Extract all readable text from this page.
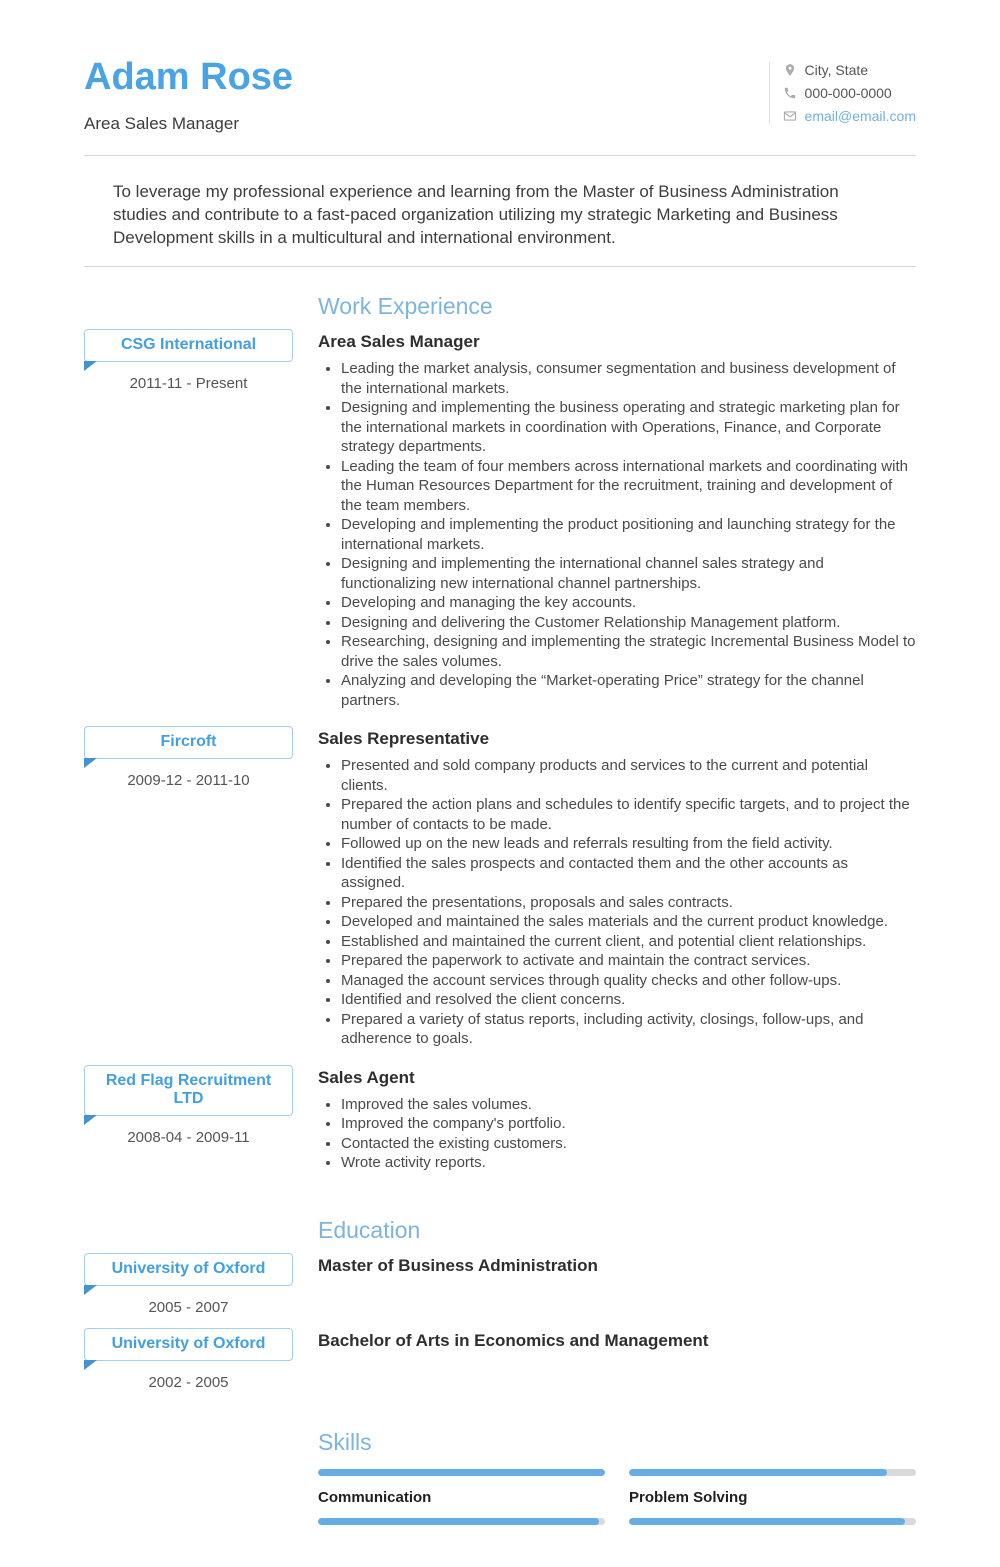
Adam Rose
Area Sales Manager
City, State
000-000-0000
email@email.com

To leverage my professional experience and learning from the Master of Business Administration studies and contribute to a fast-paced organization utilizing my strategic Marketing and Business Development skills in a multicultural and international environment.

Work Experience
CSG International
2011-11 - Present
Area Sales Manager
• Leading the market analysis, consumer segmentation and business development of the international markets.
• Designing and implementing the business operating and strategic marketing plan for the international markets in coordination with Operations, Finance, and Corporate strategy departments.
• Leading the team of four members across international markets and coordinating with the Human Resources Department for the recruitment, training and development of the team members.
• Developing and implementing the product positioning and launching strategy for the international markets.
• Designing and implementing the international channel sales strategy and functionalizing new international channel partnerships.
• Developing and managing the key accounts.
• Designing and delivering the Customer Relationship Management platform.
• Researching, designing and implementing the strategic Incremental Business Model to drive the sales volumes.
• Analyzing and developing the “Market-operating Price” strategy for the channel partners.
Fircroft
2009-12 - 2011-10
Sales Representative
• Presented and sold company products and services to the current and potential clients.
• Prepared the action plans and schedules to identify specific targets, and to project the number of contacts to be made.
• Followed up on the new leads and referrals resulting from the field activity.
• Identified the sales prospects and contacted them and the other accounts as assigned.
• Prepared the presentations, proposals and sales contracts.
• Developed and maintained the sales materials and the current product knowledge.
• Established and maintained the current client, and potential client relationships.
• Prepared the paperwork to activate and maintain the contract services.
• Managed the account services through quality checks and other follow-ups.
• Identified and resolved the client concerns.
• Prepared a variety of status reports, including activity, closings, follow-ups, and adherence to goals.
Red Flag Recruitment LTD
2008-04 - 2009-11
Sales Agent
• Improved the sales volumes.
• Improved the company's portfolio.
• Contacted the existing customers.
• Wrote activity reports.
Education
University of Oxford
2005 - 2007
Master of Business Administration
University of Oxford
2002 - 2005
Bachelor of Arts in Economics and Management
Skills
Communication	Problem Solving
